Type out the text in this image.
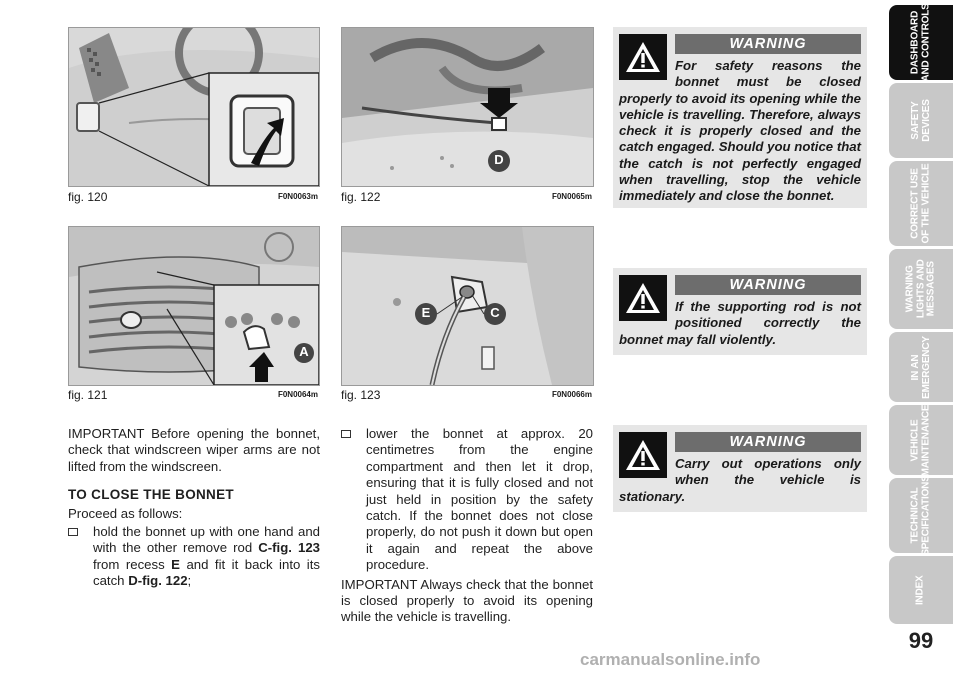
fig. 120	F0N0063m
A
fig. 121	F0N0064m
D
fig. 122	F0N0065m
E	C
fig. 123	F0N0066m

IMPORTANT Before opening the bonnet, check that windscreen wiper arms are not lifted from the windscreen.

TO CLOSE THE BONNET

Proceed as follows:

hold the bonnet up with one hand and with the other remove rod C-fig. 123 from recess E and fit it back into its catch D-fig. 122;
lower the bonnet at approx. 20 centimetres from the engine compartment and then let it drop, ensuring that it is fully closed and not just held in position by the safety catch. If the bonnet does not close properly, do not push it down but open it again and repeat the above procedure.

IMPORTANT Always check that the bonnet is closed properly to avoid its opening while the vehicle is travelling.

WARNING
For safety reasons the bonnet must be closed properly to avoid its opening while the vehicle is travelling. Therefore, always check it is properly closed and the catch engaged. Should you notice that the catch is not perfectly engaged when travelling, stop the vehicle immediately and close the bonnet.
WARNING
If the supporting rod is not positioned correctly the bonnet may fall violently.
WARNING
Carry out operations only when the vehicle is stationary.
DASHBOARD
AND CONTROLS
SAFETY
DEVICES
CORRECT USE
OF THE VEHICLE
WARNING
LIGHTS AND
MESSAGES
IN AN
EMERGENCY
VEHICLE
MAINTENANCE
TECHNICAL
SPECIFICATIONS
INDEX
99
carmanualsonline.info
